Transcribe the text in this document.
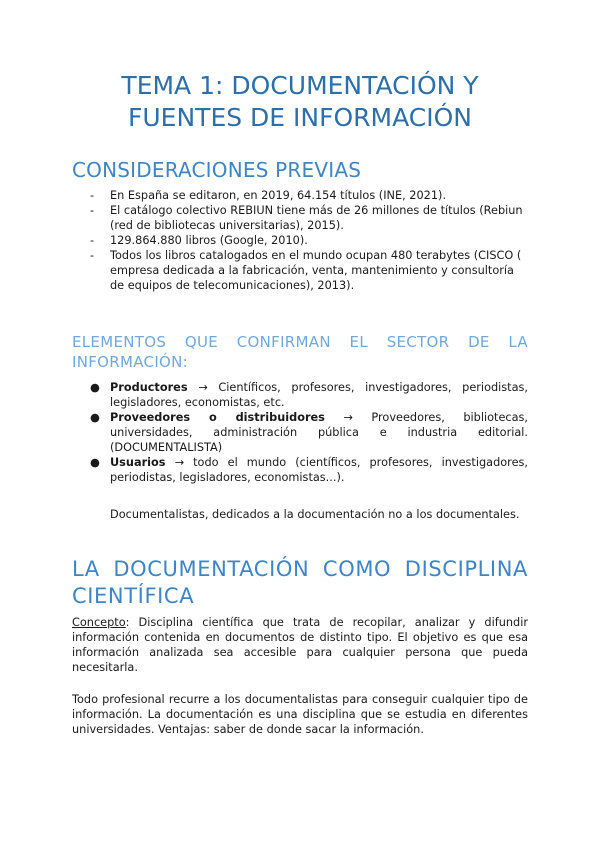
TEMA 1: DOCUMENTACIÓN Y
FUENTES DE INFORMACIÓN
CONSIDERACIONES PREVIAS
- En España se editaron, en 2019, 64.154 títulos (INE, 2021).
- El catálogo colectivo REBIUN tiene más de 26 millones de títulos (Rebiun (red de bibliotecas universitarias), 2015).
- 129.864.880 libros (Google, 2010).
- Todos los libros catalogados en el mundo ocupan 480 terabytes (CISCO ( empresa dedicada a la fabricación, venta, mantenimiento y consultoría de equipos de telecomunicaciones), 2013).
ELEMENTOS QUE CONFIRMAN EL SECTOR DE LA INFORMACIÓN:
● Productores → Científicos, profesores, investigadores, periodistas, legisladores, economistas, etc.
● Proveedores o distribuidores → Proveedores, bibliotecas, universidades, administración pública e industria editorial. (DOCUMENTALISTA)
● Usuarios → todo el mundo (científicos, profesores, investigadores, periodistas, legisladores, economistas...).
Documentalistas, dedicados a la documentación no a los documentales.
LA DOCUMENTACIÓN COMO DISCIPLINA CIENTÍFICA
Concepto: Disciplina científica que trata de recopilar, analizar y difundir información contenida en documentos de distinto tipo. El objetivo es que esa información analizada sea accesible para cualquier persona que pueda necesitarla.
Todo profesional recurre a los documentalistas para conseguir cualquier tipo de información. La documentación es una disciplina que se estudia en diferentes universidades. Ventajas: saber de donde sacar la información.
